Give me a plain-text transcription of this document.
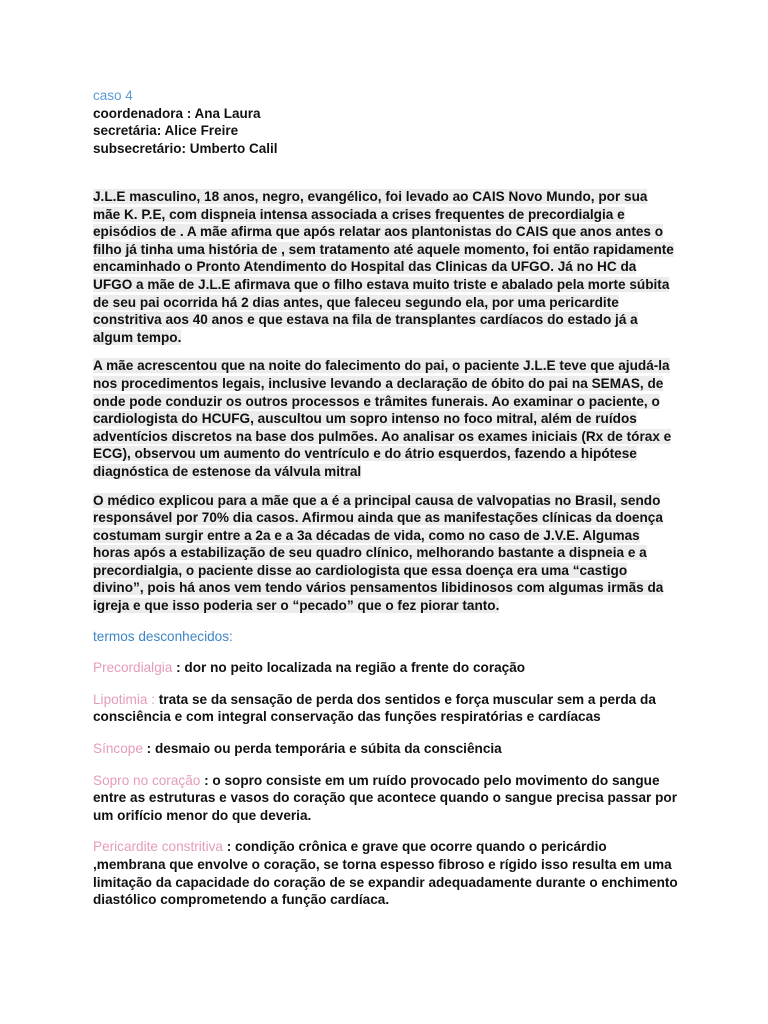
caso 4
coordenadora : Ana Laura
secretária: Alice Freire
subsecretário: Umberto Calil

J.L.E masculino, 18 anos, negro, evangélico, foi levado ao CAIS Novo Mundo, por sua mãe K. P.E, com dispneia intensa associada a crises frequentes de precordialgia e episódios de . A mãe afirma que após relatar aos plantonistas do CAIS que anos antes o filho já tinha uma história de , sem tratamento até aquele momento, foi então rapidamente encaminhado o Pronto Atendimento do Hospital das Clinicas da UFGO. Já no HC da UFGO a mãe de J.L.E afirmava que o filho estava muito triste e abalado pela morte súbita de seu pai ocorrida há 2 dias antes, que faleceu segundo ela, por uma pericardite constritiva aos 40 anos e que estava na fila de transplantes cardíacos do estado já a algum tempo.

A mãe acrescentou que na noite do falecimento do pai, o paciente J.L.E teve que ajudá-la nos procedimentos legais, inclusive levando a declaração de óbito do pai na SEMAS, de onde pode conduzir os outros processos e trâmites funerais. Ao examinar o paciente, o cardiologista do HCUFG, auscultou um sopro intenso no foco mitral, além de ruídos adventícios discretos na base dos pulmões. Ao analisar os exames iniciais (Rx de tórax e ECG), observou um aumento do ventrículo e do átrio esquerdos, fazendo a hipótese diagnóstica de estenose da válvula mitral

O médico explicou para a mãe que a é a principal causa de valvopatias no Brasil, sendo responsável por 70% dia casos. Afirmou ainda que as manifestações clínicas da doença costumam surgir entre a 2a e a 3a décadas de vida, como no caso de J.V.E. Algumas horas após a estabilização de seu quadro clínico, melhorando bastante a dispneia e a precordialgia, o paciente disse ao cardiologista que essa doença era uma “castigo divino”, pois há anos vem tendo vários pensamentos libidinosos com algumas irmãs da igreja e que isso poderia ser o “pecado” que o fez piorar tanto.

termos desconhecidos:
Precordialgia : dor no peito localizada na região a frente do coração
Lipotimia : trata se da sensação de perda dos sentidos e força muscular sem a perda da consciência e com integral conservação das funções respiratórias e cardíacas
Síncope : desmaio ou perda temporária e súbita da consciência
Sopro no coração : o sopro consiste em um ruído provocado pelo movimento do sangue entre as estruturas e vasos do coração que acontece quando o sangue precisa passar por um orifício menor do que deveria.
Pericardite constritiva : condição crônica e grave que ocorre quando o pericárdio ,membrana que envolve o coração, se torna espesso fibroso e rígido isso resulta em uma limitação da capacidade do coração de se expandir adequadamente durante o enchimento diastólico comprometendo a função cardíaca.
